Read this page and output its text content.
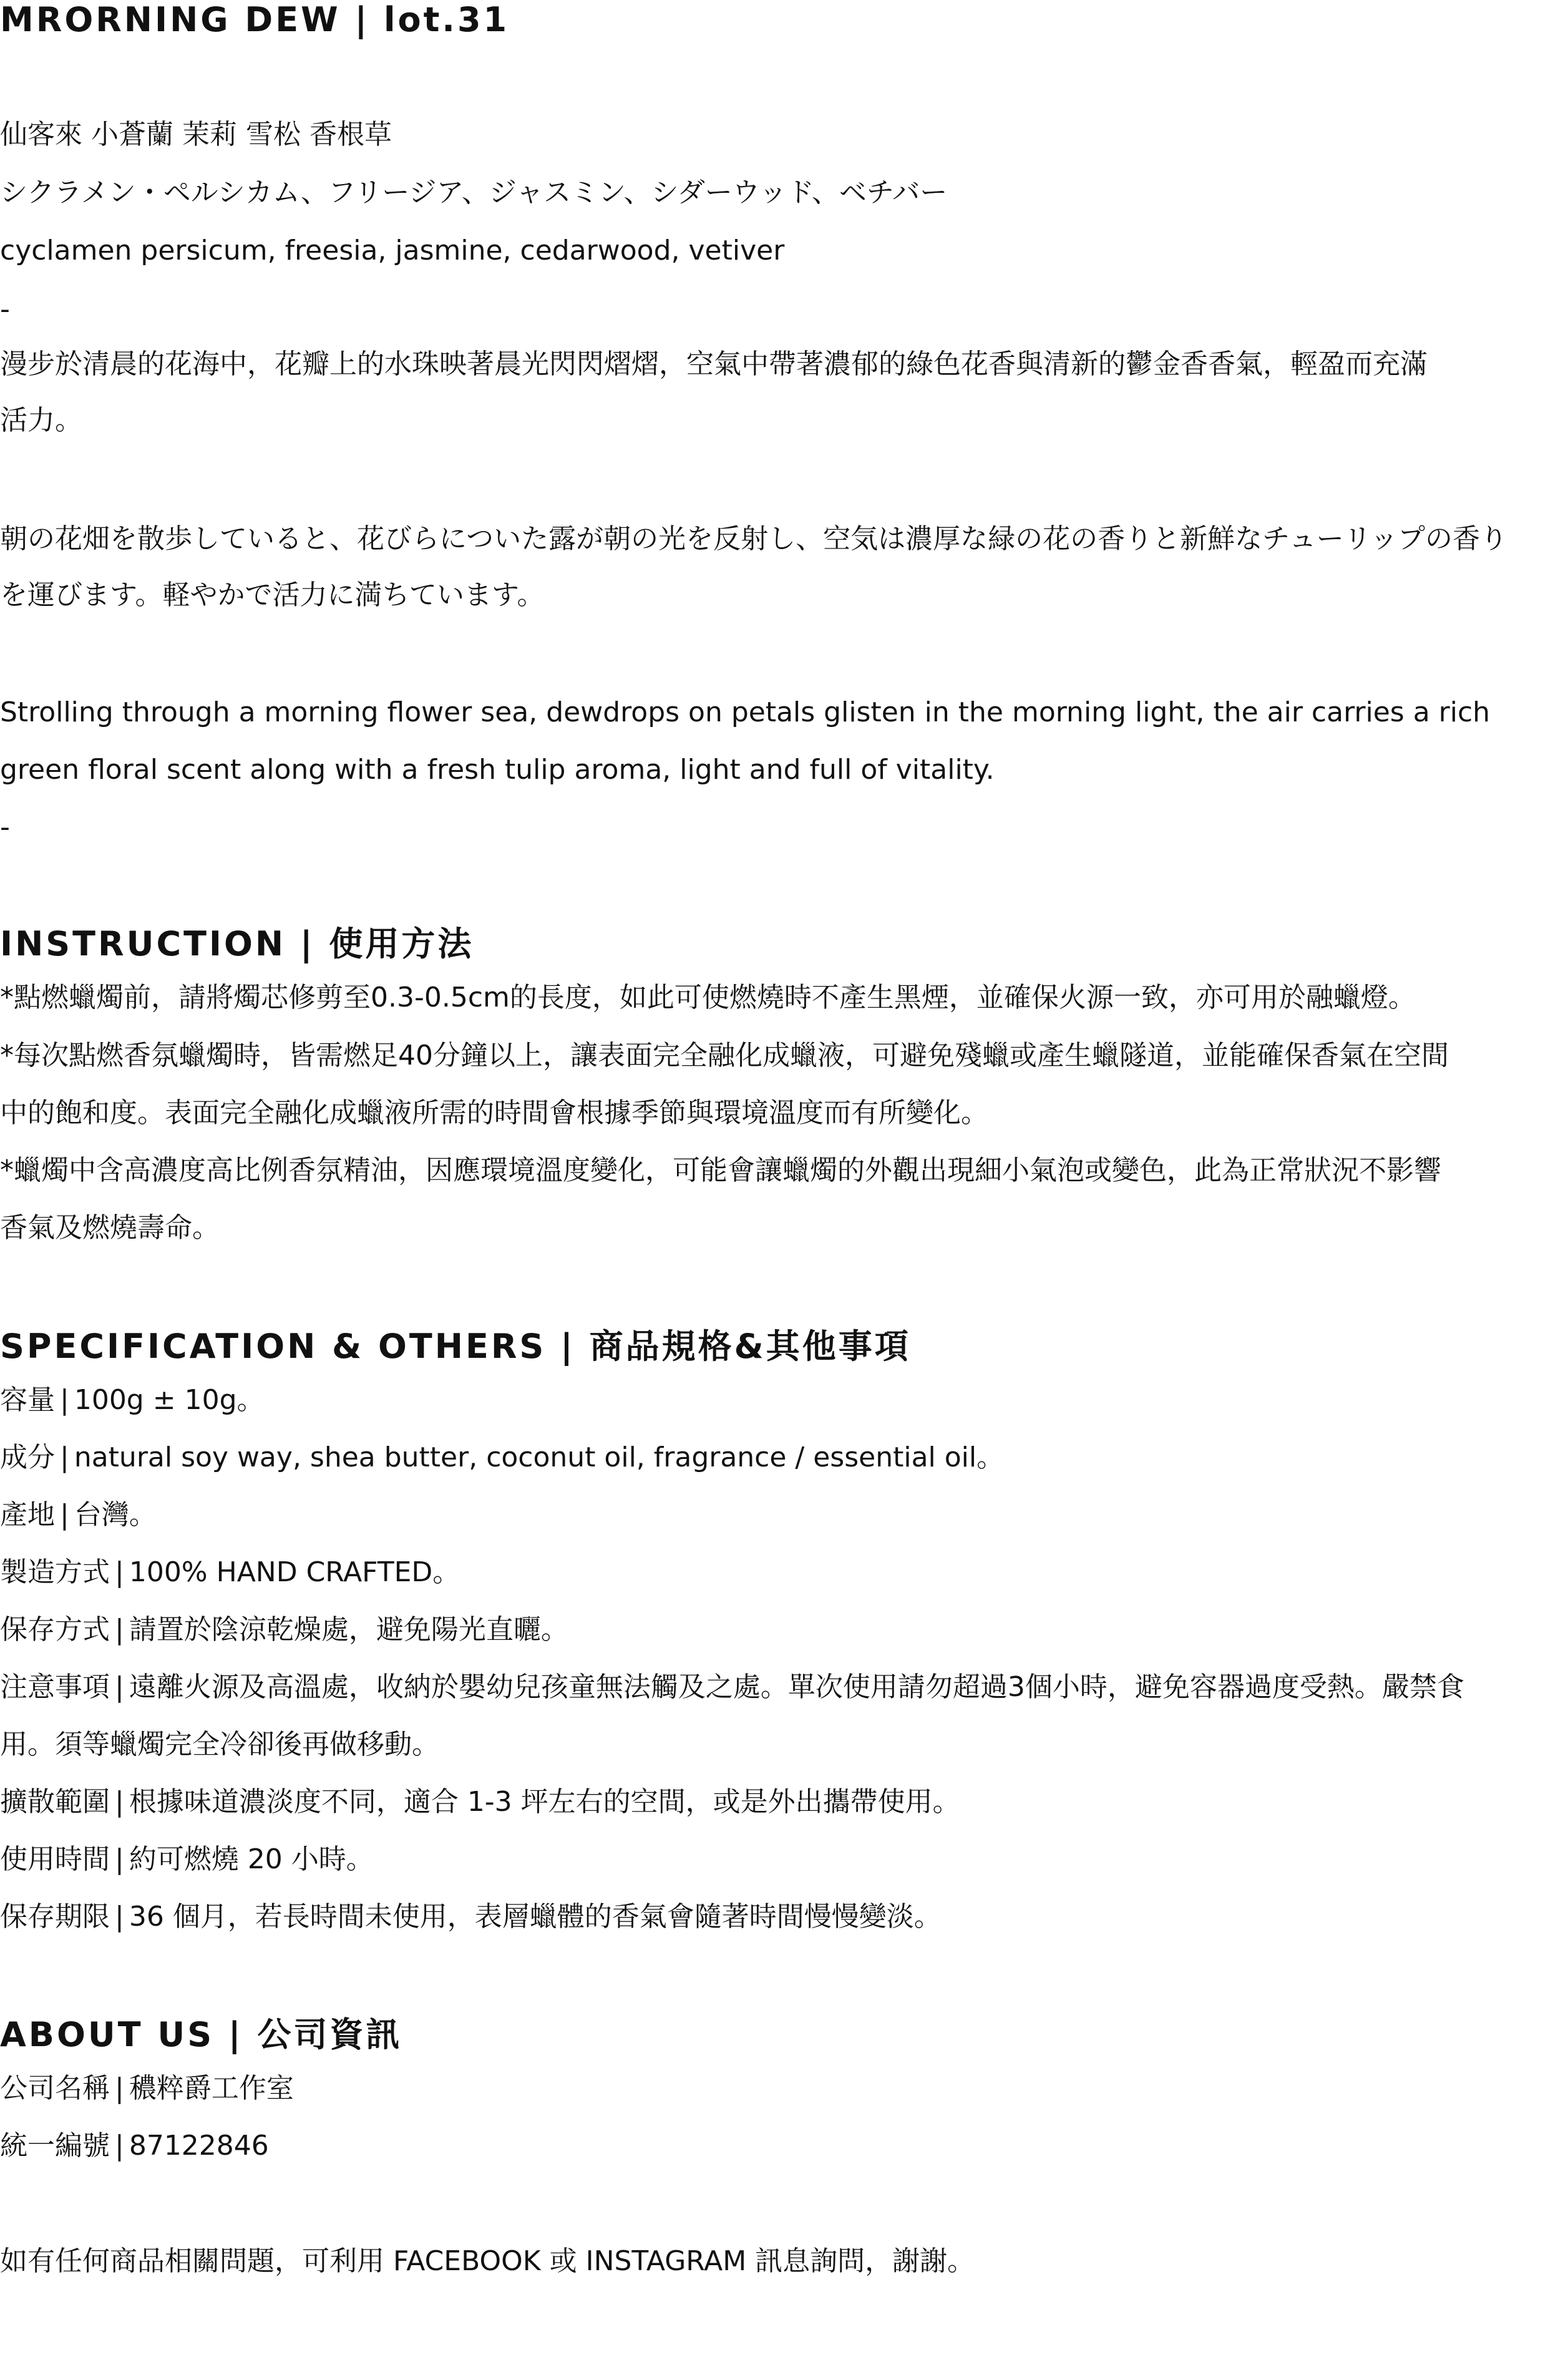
MRORNING DEW | lot.31
仙客來 小蒼蘭 茉莉 雪松 香根草
シクラメン・ペルシカム、フリージア、ジャスミン、シダーウッド、ベチバー
cyclamen persicum, freesia, jasmine, cedarwood, vetiver
-
漫步於清晨的花海中，花瓣上的水珠映著晨光閃閃熠熠，空氣中帶著濃郁的綠色花香與清新的鬱金香香氣，輕盈而充滿
活力。
朝の花畑を散歩していると、花びらについた露が朝の光を反射し、空気は濃厚な緑の花の香りと新鮮なチューリップの香り
を運びます。軽やかで活力に満ちています。
Strolling through a morning flower sea, dewdrops on petals glisten in the morning light, the air carries a rich
green floral scent along with a fresh tulip aroma, light and full of vitality.
-
INSTRUCTION | 使用方法
*點燃蠟燭前，請將燭芯修剪至0.3-0.5cm的長度，如此可使燃燒時不產生黑煙，並確保火源一致，亦可用於融蠟燈。
*每次點燃香氛蠟燭時，皆需燃足40分鐘以上，讓表面完全融化成蠟液，可避免殘蠟或產生蠟隧道，並能確保香氣在空間
中的飽和度。表面完全融化成蠟液所需的時間會根據季節與環境溫度而有所變化。
*蠟燭中含高濃度高比例香氛精油，因應環境溫度變化，可能會讓蠟燭的外觀出現細小氣泡或變色，此為正常狀況不影響
香氣及燃燒壽命。
SPECIFICATION & OTHERS | 商品規格&其他事項
容量 | 100g ± 10g。
成分 | natural soy way, shea butter, coconut oil, fragrance / essential oil。
產地 | 台灣。
製造方式 | 100% HAND CRAFTED。
保存方式 | 請置於陰涼乾燥處，避免陽光直曬。
注意事項 | 遠離火源及高溫處，收納於嬰幼兒孩童無法觸及之處。單次使用請勿超過3個小時，避免容器過度受熱。嚴禁食
用。須等蠟燭完全冷卻後再做移動。
擴散範圍 | 根據味道濃淡度不同，適合 1-3 坪左右的空間，或是外出攜帶使用。
使用時間 | 約可燃燒 20 小時。
保存期限 | 36 個月，若長時間未使用，表層蠟體的香氣會隨著時間慢慢變淡。
ABOUT US | 公司資訊
公司名稱 | 穠粹爵工作室
統一編號 | 87122846
如有任何商品相關問題，可利用 FACEBOOK 或 INSTAGRAM 訊息詢問，謝謝。
